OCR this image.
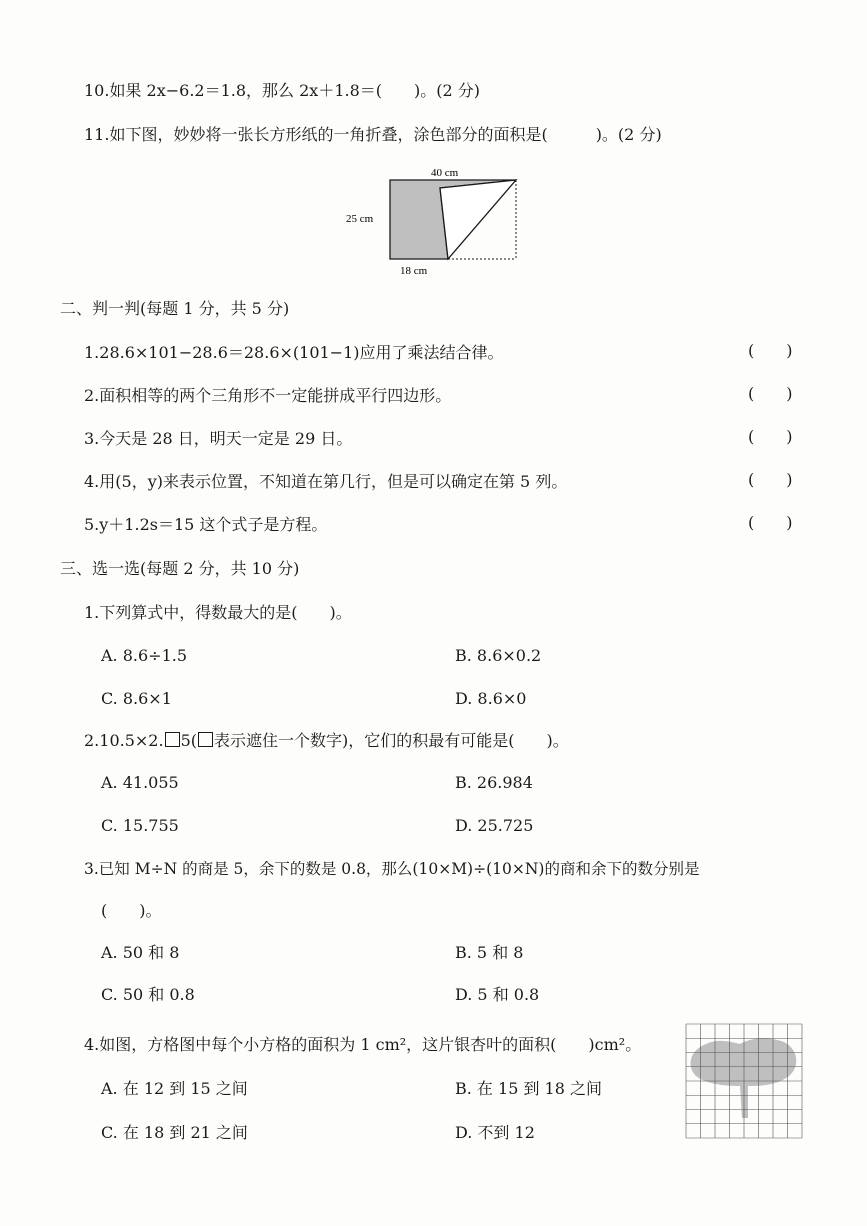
10.如果 2x−6.2＝1.8，那么 2x＋1.8＝(　　)。(2 分)
11.如下图，妙妙将一张长方形纸的一角折叠，涂色部分的面积是(　　　)。(2 分)
40 cm
25 cm
18 cm
二、判一判(每题 1 分，共 5 分)
1.28.6×101−28.6＝28.6×(101−1)应用了乘法结合律。	(　　)
2.面积相等的两个三角形不一定能拼成平行四边形。	(　　)
3.今天是 28 日，明天一定是 29 日。	(　　)
4.用(5，y)来表示位置，不知道在第几行，但是可以确定在第 5 列。	(　　)
5.y＋1.2s＝15 这个式子是方程。	(　　)
三、选一选(每题 2 分，共 10 分)
1.下列算式中，得数最大的是(　　)。
A. 8.6÷1.5	B. 8.6×0.2
C. 8.6×1	D. 8.6×0
2.10.5×2. 5( 表示遮住一个数字)，它们的积最有可能是(　　)。
A. 41.055	B. 26.984
C. 15.755	D. 25.725
3.已知 M÷N 的商是 5，余下的数是 0.8，那么(10×M)÷(10×N)的商和余下的数分别是
(　　)。
A. 50 和 8	B. 5 和 8
C. 50 和 0.8	D. 5 和 0.8
4.如图，方格图中每个小方格的面积为 1 cm²，这片银杏叶的面积(　　)cm²。
A. 在 12 到 15 之间	B. 在 15 到 18 之间
C. 在 18 到 21 之间	D. 不到 12
